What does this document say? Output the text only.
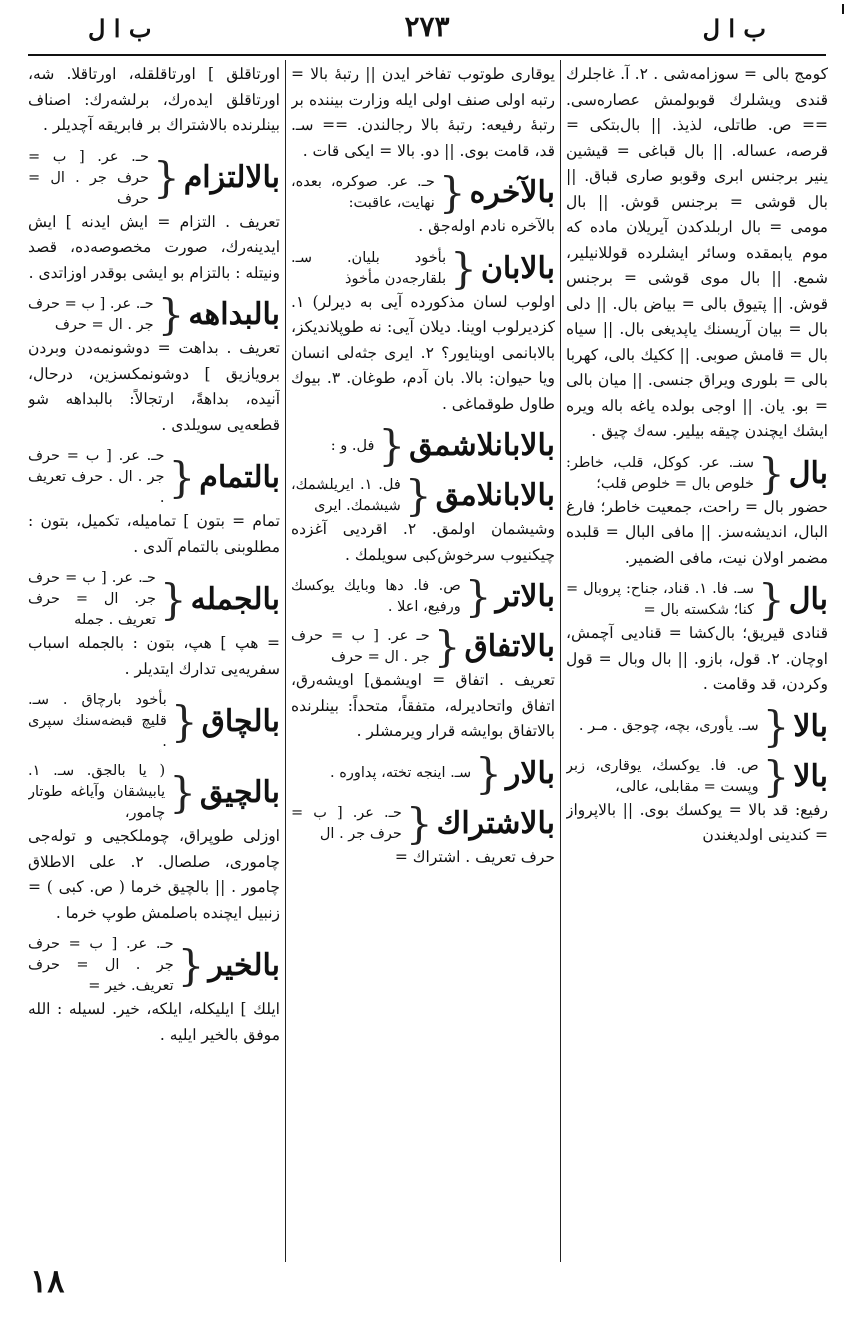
ب ا ل
٢٧٣
ب ا ل
كومج بالی = سوزامەشی . ٢. آ. غاجلرك قندی ويشلرك قوبولمش عصارەسی. == ص. طاتلی، لذيذ. || بال‌بتكی = قرصه، عساله. || بال قباغی = قيشين ينير برجنس ابری وقوبو صاری قباق. || بال قوشی = برجنس قوش. || بال مومی = بال اربلدكدن آيريلان ماده كه موم يابمقده وسائر ايشلرده قوللانيلير، شمع. || بال موی قوشی = برجنس قوش. || پتيوق بالی = بياض بال. || دلی بال = بيان آريسنك ياپديغی بال. || سياه بال = قامش صوبی. || ككيك بالی، كهربا بالی = بلوری ويراق جنسی. || ميان بالی = بو. يان. || اوجی بولدە ياغه باله ويرە ايشك ايچندن چيقه بيلير. سەك چيق .
بال
{
سنـ. عر. كوكل، قلب، خاطر: خلوص بال = خلوص قلب؛
حضور بال = راحت، جمعيت خاطر؛ فارغ البال، انديشەسز. || مافی البال = قلبده مضمر اولان نيت، مافی الضمير.
بال
{
سـ. فا. ١. قناد، جناح: پروبال = كنا؛ شكسته بال =
قنادی قيريق؛ بال‌كشا = قناديی آچمش، اوچان. ٢. قول، بازو. || بال وبال = قول وكردن، قد وقامت .
بالا
{
سـ. يأوری، بچه، چوجق . مـر .
بالا
{
ص. فا. يوكسك، يوقاری، زبر وپست = مقابلی، عالی،
رفيع: قد بالا = يوكسك بوی. || بالاپرواز = كندينی اولديغندن
يوقاری طوتوب تفاخر ايدن || رتبهٔ بالا = رتبه اولی صنف اولی ايله وزارت بيننده بر رتبهٔ رفيعه: رتبهٔ بالا رجالندن. == سـ. قد، قامت بوی. || دو. بالا = ايكی قات .
بالآخره
{
حـ. عر. صوكره، بعده، نهايت، عاقبت:
بالآخره نادم اولەجق .
بالابان
{
بأخود بليان. سـ. بلقارجەدن مأخوذ
اولوب لسان مذكورده آيی به ديرلر) ١. كزديرلوب اوينا. ديلان آيی: نه طوپلانديكز، بالابانمی اوينايور؟ ٢. ايری جثه‌لی انسان ويا حيوان: بالا. بان آدم، طوغان. ٣. بيوك طاول طوقماغی .
بالابانلاشمق
{
فل. و :
بالابانلامق
{
فل. ١. ايريلشمك، شيشمك. ايری
وشيشمان اولمق. ٢. اقرديی آغزده چيكنيوب سرخوش‌كبی سويلمك .
بالاتر
{
ص. فا. دها وبايك يوكسك ورفيع، اعلا .
بالاتفاق
{
حـ عر. [ ب = حرف جر . ال = حرف
تعريف . اتفاق = اويشمق] اويشەرق، اتفاق واتحاديرله، متفقاً، متحداً: بينلرنده بالاتفاق بوايشه قرار ويرمشلر .
بالار
{
سـ. اينجه تخته، پداوره .
بالاشتراك
{
حـ. عر. [ ب = حرف جر . ال
حرف تعريف . اشتراك =
اورتاقلق ] اورتاقلقله، اورتاقلا. شه، اورتاقلق ايدەرك، برلشەرك: اصناف بينلرنده بالاشتراك بر فابريقه آچديلر .
بالالتزام
{
حـ. عر. [ ب = حرف جر . ال = حرف
تعريف . التزام = ايش ايدنه ] ايش ايدينەرك، صورت مخصوصەده، قصد ونيتله : بالتزام بو ايشی بوقدر اوزاتدی .
بالبداهه
{
حـ. عر. [ ب = حرف جر . ال = حرف
تعريف . بداهت = دوشونمەدن وبردن برويازيق ] دوشونمكسزين، درحال، آنيده، بداهةً، ارتجالاً: بالبداهه شو قطعه‌يی سويلدی .
بالتمام
{
حـ. عر. [ ب = حرف جر . ال . حرف تعريف .
تمام = بتون ] تماميله، تكميل، بتون : مطلوبنی بالتمام آلدی .
بالجمله
{
حـ. عر. [ ب = حرف جر. ال = حرف تعريف . جمله
= هپ ] هپ، بتون : بالجمله اسباب سفريه‌يی تدارك ايتديلر .
بالچاق
{
بأخود بارچاق . سـ. قليچ قبضه‌سنك سپری .
بالچيق
{
( يا بالجق. سـ. ١. يابيشقان وآياغه طوتار چامور،
اوزلی طوپراق، چوملكجيی و تولەجی چاموری، صلصال. ٢. علی الاطلاق چامور . || بالچيق خرما ( ص. كبی ) = زنبيل ايچنده باصلمش طوپ خرما .
بالخير
{
حـ. عر. [ ب = حرف جر . ال = حرف تعريف. خير =
ايلك ] ايليكله، ايلكه، خير. لسيله : الله موفق بالخير ايليه .
١٨
